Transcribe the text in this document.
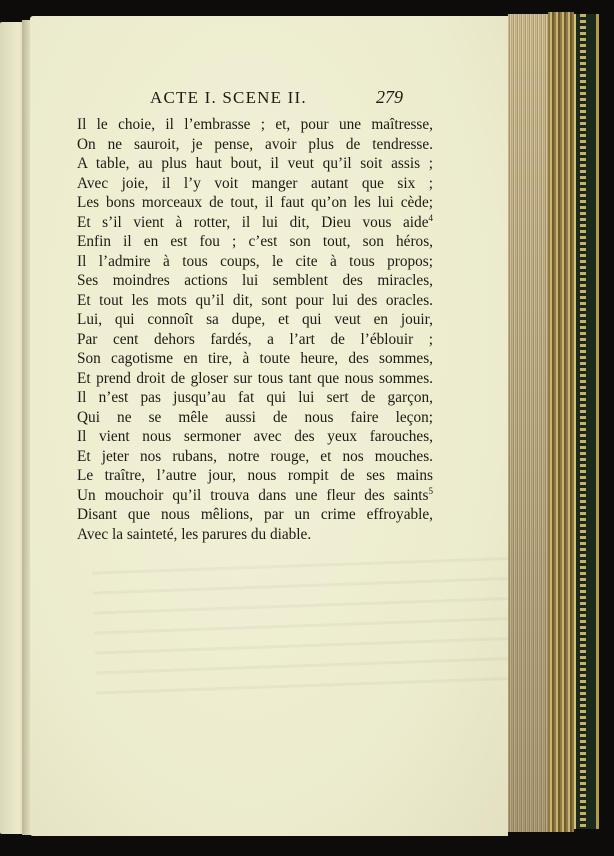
ACTE I. SCENE II.	279
Il le choie, il l’embrasse ; et, pour une maîtresse,
On ne sauroit, je pense, avoir plus de tendresse.
A table, au plus haut bout, il veut qu’il soit assis ;
Avec joie, il l’y voit manger autant que six ;
Les bons morceaux de tout, il faut qu’on les lui cède;
Et s’il vient à rotter, il lui dit, Dieu vous aide$^4$
Enfin il en est fou ; c’est son tout, son héros,
Il l’admire à tous coups, le cite à tous propos;
Ses moindres actions lui semblent des miracles,
Et tout les mots qu’il dit, sont pour lui des oracles.
Lui, qui connoît sa dupe, et qui veut en jouir,
Par cent dehors fardés, a l’art de l’éblouir ;
Son cagotisme en tire, à toute heure, des sommes,
Et prend droit de gloser sur tous tant que nous sommes.
Il n’est pas jusqu’au fat qui lui sert de garçon,
Qui ne se mêle aussi de nous faire leçon;
Il vient nous sermoner avec des yeux farouches,
Et jeter nos rubans, notre rouge, et nos mouches.
Le traître, l’autre jour, nous rompit de ses mains
Un mouchoir qu’il trouva dans une fleur des saints$^5$
Disant que nous mêlions, par un crime effroyable,
Avec la sainteté, les parures du diable.
